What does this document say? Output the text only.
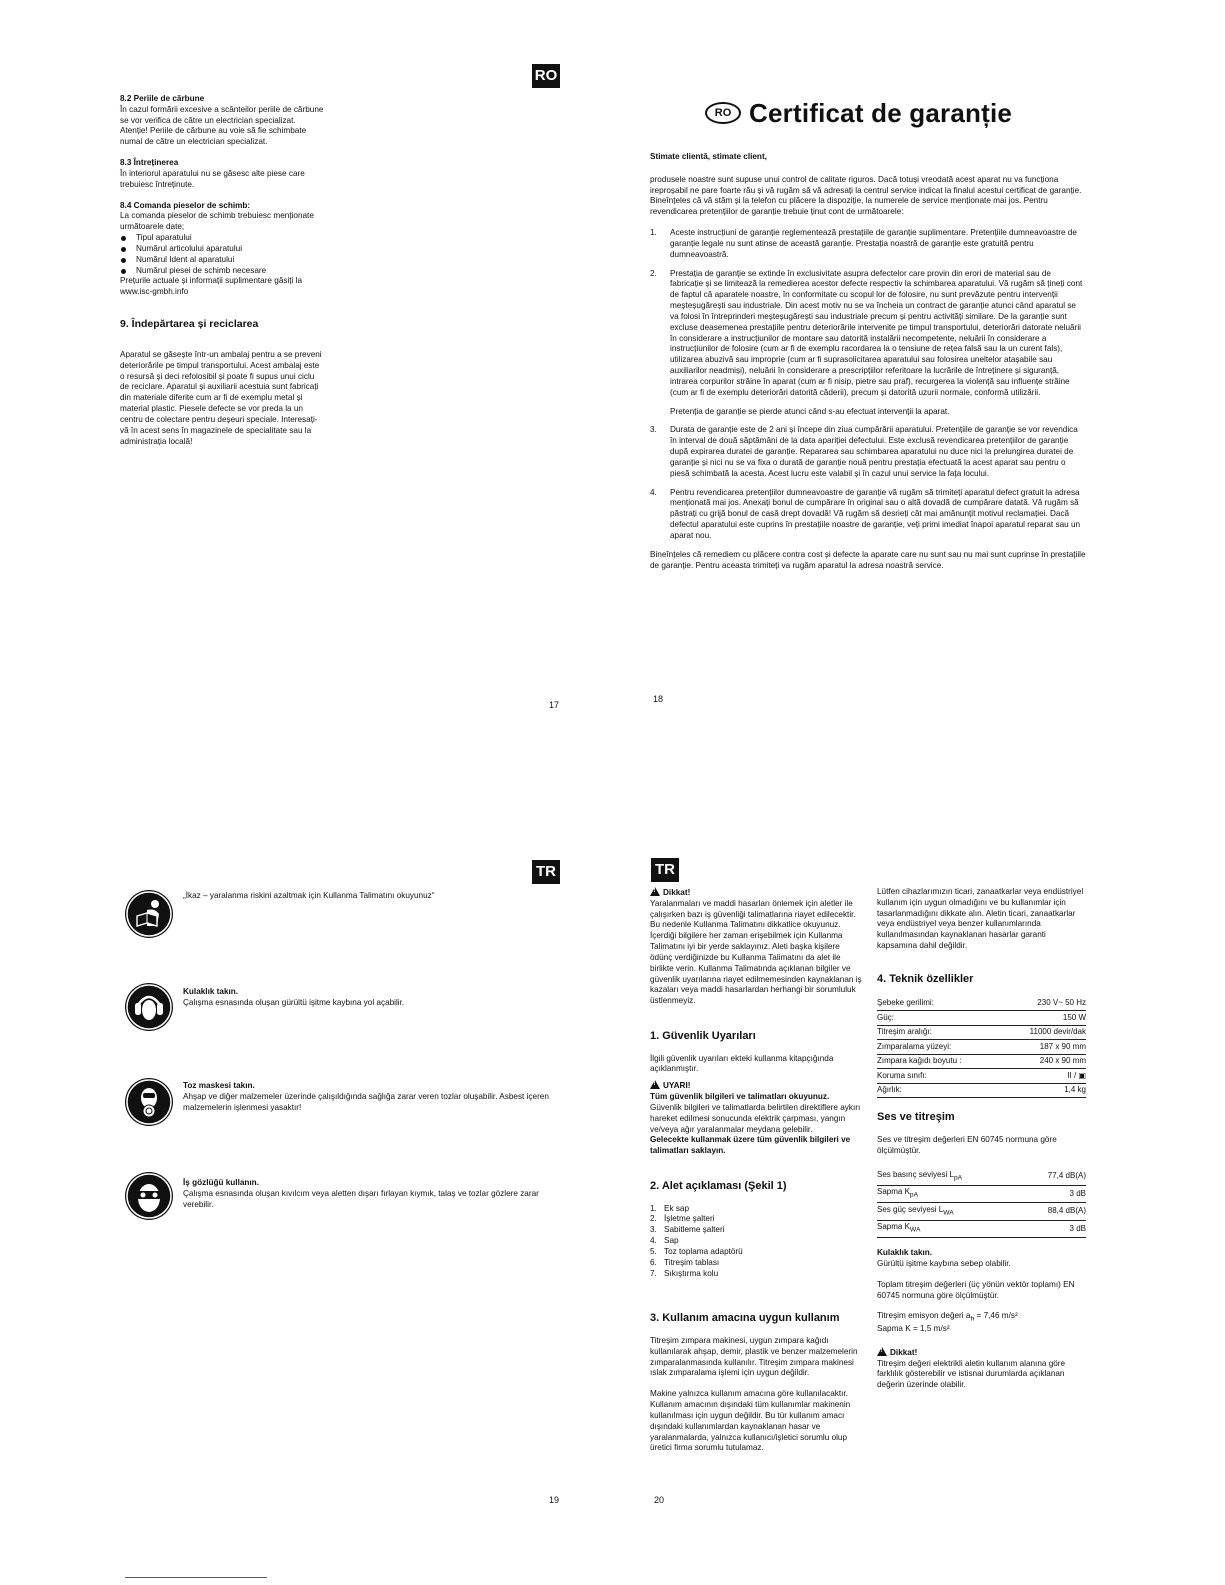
RO

8.2 Periile de cărbune

În cazul formării excesive a scânteilor periile de cărbune se vor verifica de către un electrician specializat.

Atenție! Periile de cărbune au voie să fie schimbate numai de către un electrician specializat.

8.3 Întreținerea

În interiorul aparatului nu se găsesc alte piese care trebuiesc întreținute.

8.4 Comanda pieselor de schimb:

La comanda pieselor de schimb trebuiesc menționate următoarele date;

Tipul aparatului
Numărul articolului aparatului
Numărul Ident al aparatului
Numărul piesei de schimb necesare

Prețurile actuale și informații suplimentare găsiți la www.isc-gmbh.info

9. Îndepărtarea și reciclarea

Aparatul se găsește într-un ambalaj pentru a se preveni deteriorările pe timpul transportului. Acest ambalaj este o resursă și deci refolosibil și poate fi supus unui ciclu de reciclare. Aparatul și auxiliarii acestuia sunt fabricați din materiale diferite cum ar fi de exemplu metal și material plastic. Piesele defecte se vor preda la un centru de colectare pentru deșeuri speciale. Interesați-vă în acest sens în magazinele de specialitate sau la administrația locală!

17
RO Certificat de garanție

Stimate clientă, stimate client,

produsele noastre sunt supuse unui control de calitate riguros. Dacă totuși vreodată acest aparat nu va funcționa ireproșabil ne pare foarte rău și vă rugăm să vă adresați la centrul service indicat la finalul acestui certificat de garanție. Bineînțeles că vă stăm și la telefon cu plăcere la dispoziție, la numerele de service menționate mai jos. Pentru revendicarea pretențiilor de garanție trebuie ținut cont de următoarele:

1. Aceste instrucțiuni de garanție reglementează prestațiile de garanție suplimentare. Pretențiile dumneavoastre de garanție legale nu sunt atinse de această garanție. Prestația noastră de garanție este gratuită pentru dumneavoastră.

2. Prestația de garanție se extinde în exclusivitate asupra defectelor care provin din erori de material sau de fabricație și se limitează la remedierea acestor defecte respectiv la schimbarea aparatului. Vă rugăm să țineți cont de faptul că aparatele noastre, în conformitate cu scopul lor de folosire, nu sunt prevăzute pentru intervenții meșteșugărești sau industriale. Din acest motiv nu se va încheia un contract de garanție atunci când aparatul se va folosi în întreprinderi meșteșugărești sau industriale precum și pentru activități similare. De la garanție sunt excluse deasemenea prestațiile pentru deteriorările intervenite pe timpul transportului, deteriorări datorate neluării în considerare a instrucțiunilor de montare sau datorită instalării necompetente, neluării în considerare a instrucțiunilor de folosire (cum ar fi de exemplu racordarea la o tensiune de rețea falsă sau la un curent fals), utilizarea abuzivă sau improprie (cum ar fi suprasolicitarea aparatului sau folosirea uneltelor atașabile sau auxiliarilor neadmiși), neluării în considerare a prescripțiilor referitoare la lucrările de întreținere și siguranță, intrarea corpurilor străine în aparat (cum ar fi nisip, pietre sau praf), recurgerea la violență sau influențe străine (cum ar fi de exemplu deteriorări datorită căderii), precum și datorită uzurii normale, conformă utilizării.

Pretenția de garanție se pierde atunci când s-au efectuat intervenții la aparat.

3. Durata de garanție este de 2 ani și începe din ziua cumpărării aparatului. Pretențiile de garanție se vor revendica în interval de două săptămâni de la data apariției defectului. Este exclusă revendicarea pretențiilor de garanție după expirarea duratei de garanție. Repararea sau schimbarea aparatului nu duce nici la prelungirea duratei de garanție și nici nu se va fixa o durată de garanție nouă pentru prestația efectuată la acest aparat sau pentru o piesă schimbată la acesta. Acest lucru este valabil și în cazul unui service la fața locului.

4. Pentru revendicarea pretențiilor dumneavoastre de garanție vă rugăm să trimiteți aparatul defect gratuit la adresa menționată mai jos. Anexați bonul de cumpărare în original sau o altă dovadă de cumpărare datată. Vă rugăm să păstrați cu grijă bonul de casă drept dovadă! Vă rugăm să desrieți cât mai amănunțit motivul reclamației. Dacă defectul aparatului este cuprins în prestațiile noastre de garanție, veți primi imediat înapoi aparatul reparat sau un aparat nou.

Bineînțeles că remediem cu plăcere contra cost și defecte la aparate care nu sunt sau nu mai sunt cuprinse în prestațiile de garanție. Pentru aceasta trimiteți va rugăm aparatul la adresa noastră service.

18
TR

„İkaz – yaralanma riskini azaltmak için Kullanma Talimatını okuyunuz“

Kulaklık takın.

Çalışma esnasında oluşan gürültü işitme kaybına yol açabilir.

Toz maskesi takın.

Ahşap ve diğer malzemeler üzerinde çalışıldığında sağlığa zarar veren tozlar oluşabilir. Asbest içeren malzemelerin işlenmesi yasaktır!

İş gözlüğü kullanın.

Çalışma esnasında oluşan kıvılcım veya aletten dışarı fırlayan kıymık, talaş ve tozlar gözlere zarar verebilir.

19
TR

!Dikkat!

Yaralanmaları ve maddi hasarları önlemek için aletler ile çalışırken bazı iş güvenliği talimatlarına riayet edilecektir. Bu nedenle Kullanma Talimatını dikkatlice okuyunuz. İçerdiği bilgilere her zaman erişebilmek için Kullanma Talimatını iyi bir yerde saklayınız. Aleti başka kişilere ödünç verdiğinizde bu Kullanma Talimatını da alet ile birlikte verin. Kullanma Talimatında açıklanan bilgiler ve güvenlik uyarılarına riayet edilmemesinden kaynaklanan iş kazaları veya maddi hasarlardan herhangi bir sorumluluk üstlenmeyiz.

1. Güvenlik Uyarıları

İlgili güvenlik uyarıları ekteki kullanma kitapçığında açıklanmıştır.

!UYARI!

Tüm güvenlik bilgileri ve talimatları okuyunuz.

Güvenlik bilgileri ve talimatlarda belirtilen direktiflere aykırı hareket edilmesi sonucunda elektrik çarpması, yangın ve/veya ağır yaralanmalar meydana gelebilir.

Gelecekte kullanmak üzere tüm güvenlik bilgileri ve talimatları saklayın.

2. Alet açıklaması (Şekil 1)

1. Ek sap
2. İşletme şalteri
3. Sabitleme şalteri
4. Sap
5. Toz toplama adaptörü
6. Titreşim tablası
7. Sıkıştırma kolu

3. Kullanım amacına uygun kullanım

Titreşim zımpara makinesi, uygun zımpara kağıdı kullanılarak ahşap, demir, plastik ve benzer malzemelerin zımparalanmasında kullanılır. Titreşim zımpara makinesi ıslak zımparalama işlemi için uygun değildir.

Makine yalnızca kullanım amacına göre kullanılacaktır. Kullanım amacının dışındaki tüm kullanımlar makinenin kullanılması için uygun değildir. Bu tür kullanım amacı dışındaki kullanımlardan kaynaklanan hasar ve yaralanmalarda, yalnızca kullanıcı/işletici sorumlu olup üretici firma sorumlu tutulamaz.

Lütfen cihazlarımızın ticari, zanaatkarlar veya endüstriyel kullanım için uygun olmadığını ve bu kullanımlar için tasarlanmadığını dikkate alın. Aletin ticari, zanaatkarlar veya endüstriyel veya benzer kullanımlarında kullanılmasından kaynaklanan hasarlar garanti kapsamına dahil değildir.

4. Teknik özellikler

Şebeke gerilimi:	230 V~ 50 Hz
Güç:	150 W
Titreşim aralığı:	11000 devir/dak
Zımparalama yüzeyi:	187 x 90 mm
Zımpara kağıdı boyutu :	240 x 90 mm
Koruma sınıfı:	II / ▣
Ağırlık:	1,4 kg

Ses ve titreşim

Ses ve titreşim değerleri EN 60745 normuna göre ölçülmüştür.

Ses basınç seviyesi $L_{pA}$	77,4 dB(A)
Sapma $K_{pA}$	3 dB
Ses güç seviyesi $L_{WA}$	88,4 dB(A)
Sapma $K_{WA}$	3 dB

Kulaklık takın.

Gürültü işitme kaybına sebep olabilir.

Toplam titreşim değerleri (üç yönün vektör toplamı) EN 60745 normuna göre ölçülmüştür.

Titreşim emisyon değeri $a_h = 7,46$ m/s²

Sapma K = 1,5 m/s²

!Dikkat!

Titreşim değeri elektrikli aletin kullanım alanına göre farklılık gösterebilir ve istisnai durumlarda açıklanan değerin üzerinde olabilir.

20
